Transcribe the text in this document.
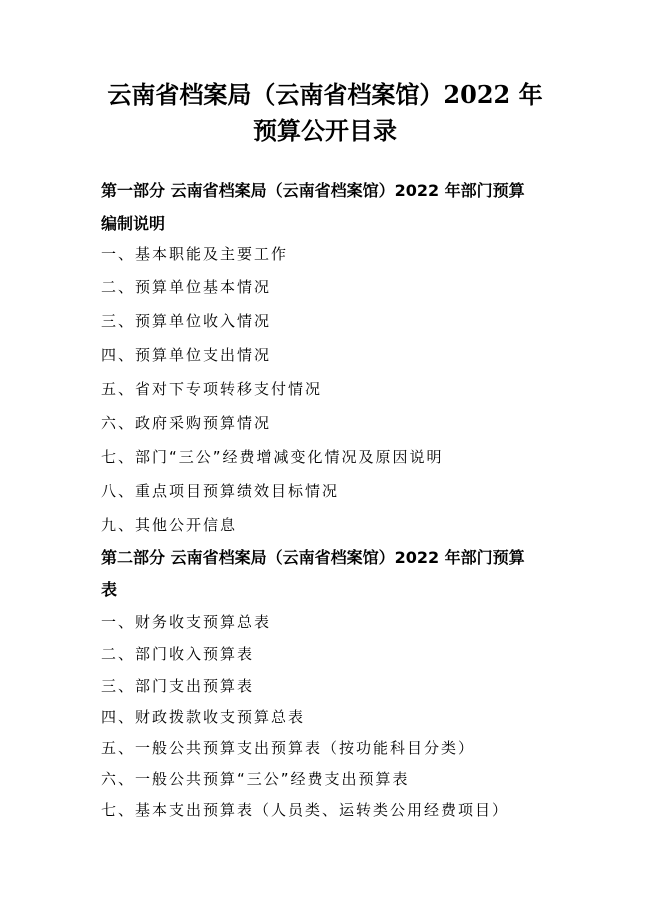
云南省档案局（云南省档案馆）2022 年
预算公开目录
第一部分 云南省档案局（云南省档案馆）2022 年部门预算
编制说明
一、基本职能及主要工作
二、预算单位基本情况
三、预算单位收入情况
四、预算单位支出情况
五、省对下专项转移支付情况
六、政府采购预算情况
七、部门“三公”经费增减变化情况及原因说明
八、重点项目预算绩效目标情况
九、其他公开信息
第二部分 云南省档案局（云南省档案馆）2022 年部门预算
表
一、财务收支预算总表
二、部门收入预算表
三、部门支出预算表
四、财政拨款收支预算总表
五、一般公共预算支出预算表（按功能科目分类）
六、一般公共预算“三公”经费支出预算表
七、基本支出预算表（人员类、运转类公用经费项目）
